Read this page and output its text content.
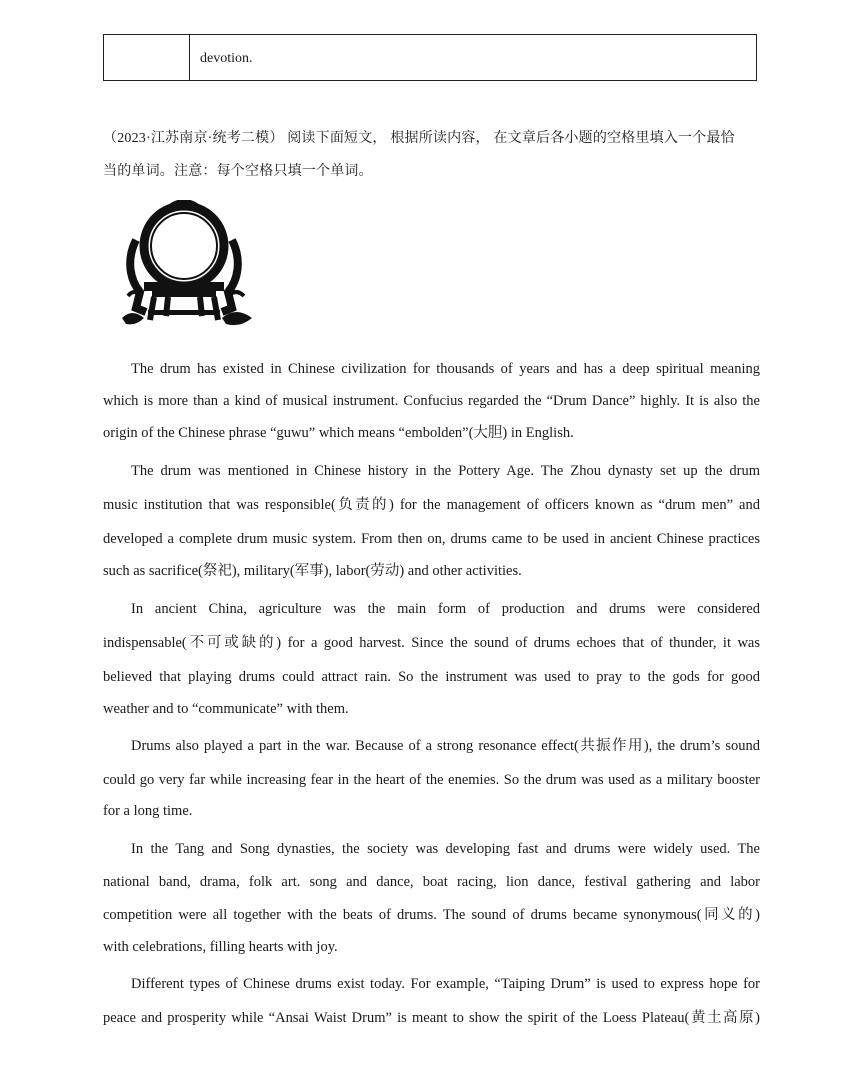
devotion.
（2023·江苏南京·统考二模） 阅读下面短文， 根据所读内容， 在文章后各小题的空格里填入一个最恰
当的单词。注意：每个空格只填一个单词。
The drum has existed in Chinese civilization for thousands of years and has a deep spiritual meaning
which is more than a kind of musical instrument. Confucius regarded the “Drum Dance” highly. It is also the
origin of the Chinese phrase “guwu” which means “embolden”(大胆) in English.
The drum was mentioned in Chinese history in the Pottery Age. The Zhou dynasty set up the drum
music institution that was responsible(负责的) for the management of officers known as “drum men” and
developed a complete drum music system. From then on, drums came to be used in ancient Chinese practices
such as sacrifice(祭祀), military(军事), labor(劳动) and other activities.
In ancient China, agriculture was the main form of production and drums were considered
indispensable(不可或缺的) for a good harvest. Since the sound of drums echoes that of thunder, it was
believed that playing drums could attract rain. So the instrument was used to pray to the gods for good
weather and to “communicate” with them.
Drums also played a part in the war. Because of a strong resonance effect(共振作用), the drum’s sound
could go very far while increasing fear in the heart of the enemies. So the drum was used as a military booster
for a long time.
In the Tang and Song dynasties, the society was developing fast and drums were widely used. The
national band, drama, folk art. song and dance, boat racing, lion dance, festival gathering and labor
competition were all together with the beats of drums. The sound of drums became synonymous(同义的)
with celebrations, filling hearts with joy.
Different types of Chinese drums exist today. For example, “Taiping Drum” is used to express hope for
peace and prosperity while “Ansai Waist Drum” is meant to show the spirit of the Loess Plateau(黄土高原)
